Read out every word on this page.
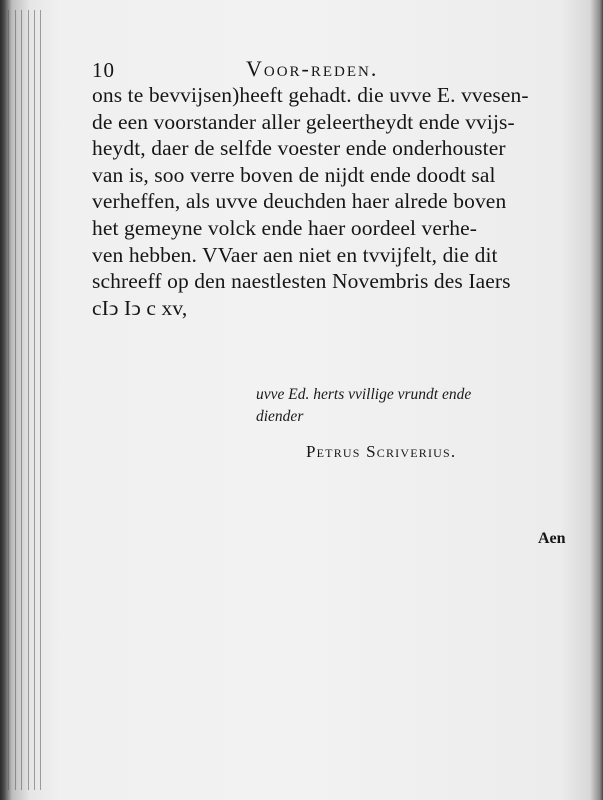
10	Voor-reden.
ons te bevvijsen)heeft gehadt. die uvve E. vvesen-
de een voorstander aller geleertheydt ende vvijs-
heydt, daer de selfde voester ende onderhouster
van is, soo verre boven de nijdt ende doodt sal
verheffen, als uvve deuchden haer alrede boven
het gemeyne volck ende haer oordeel verhe-
ven hebben. VVaer aen niet en tvvijfelt, die dit
schreeff op den naestlesten Novembris des Iaers
cIↄ Iↄ c xv,
uvve Ed. herts vvillige vrundt ende
diender
Petrus Scriverius.
Aen
